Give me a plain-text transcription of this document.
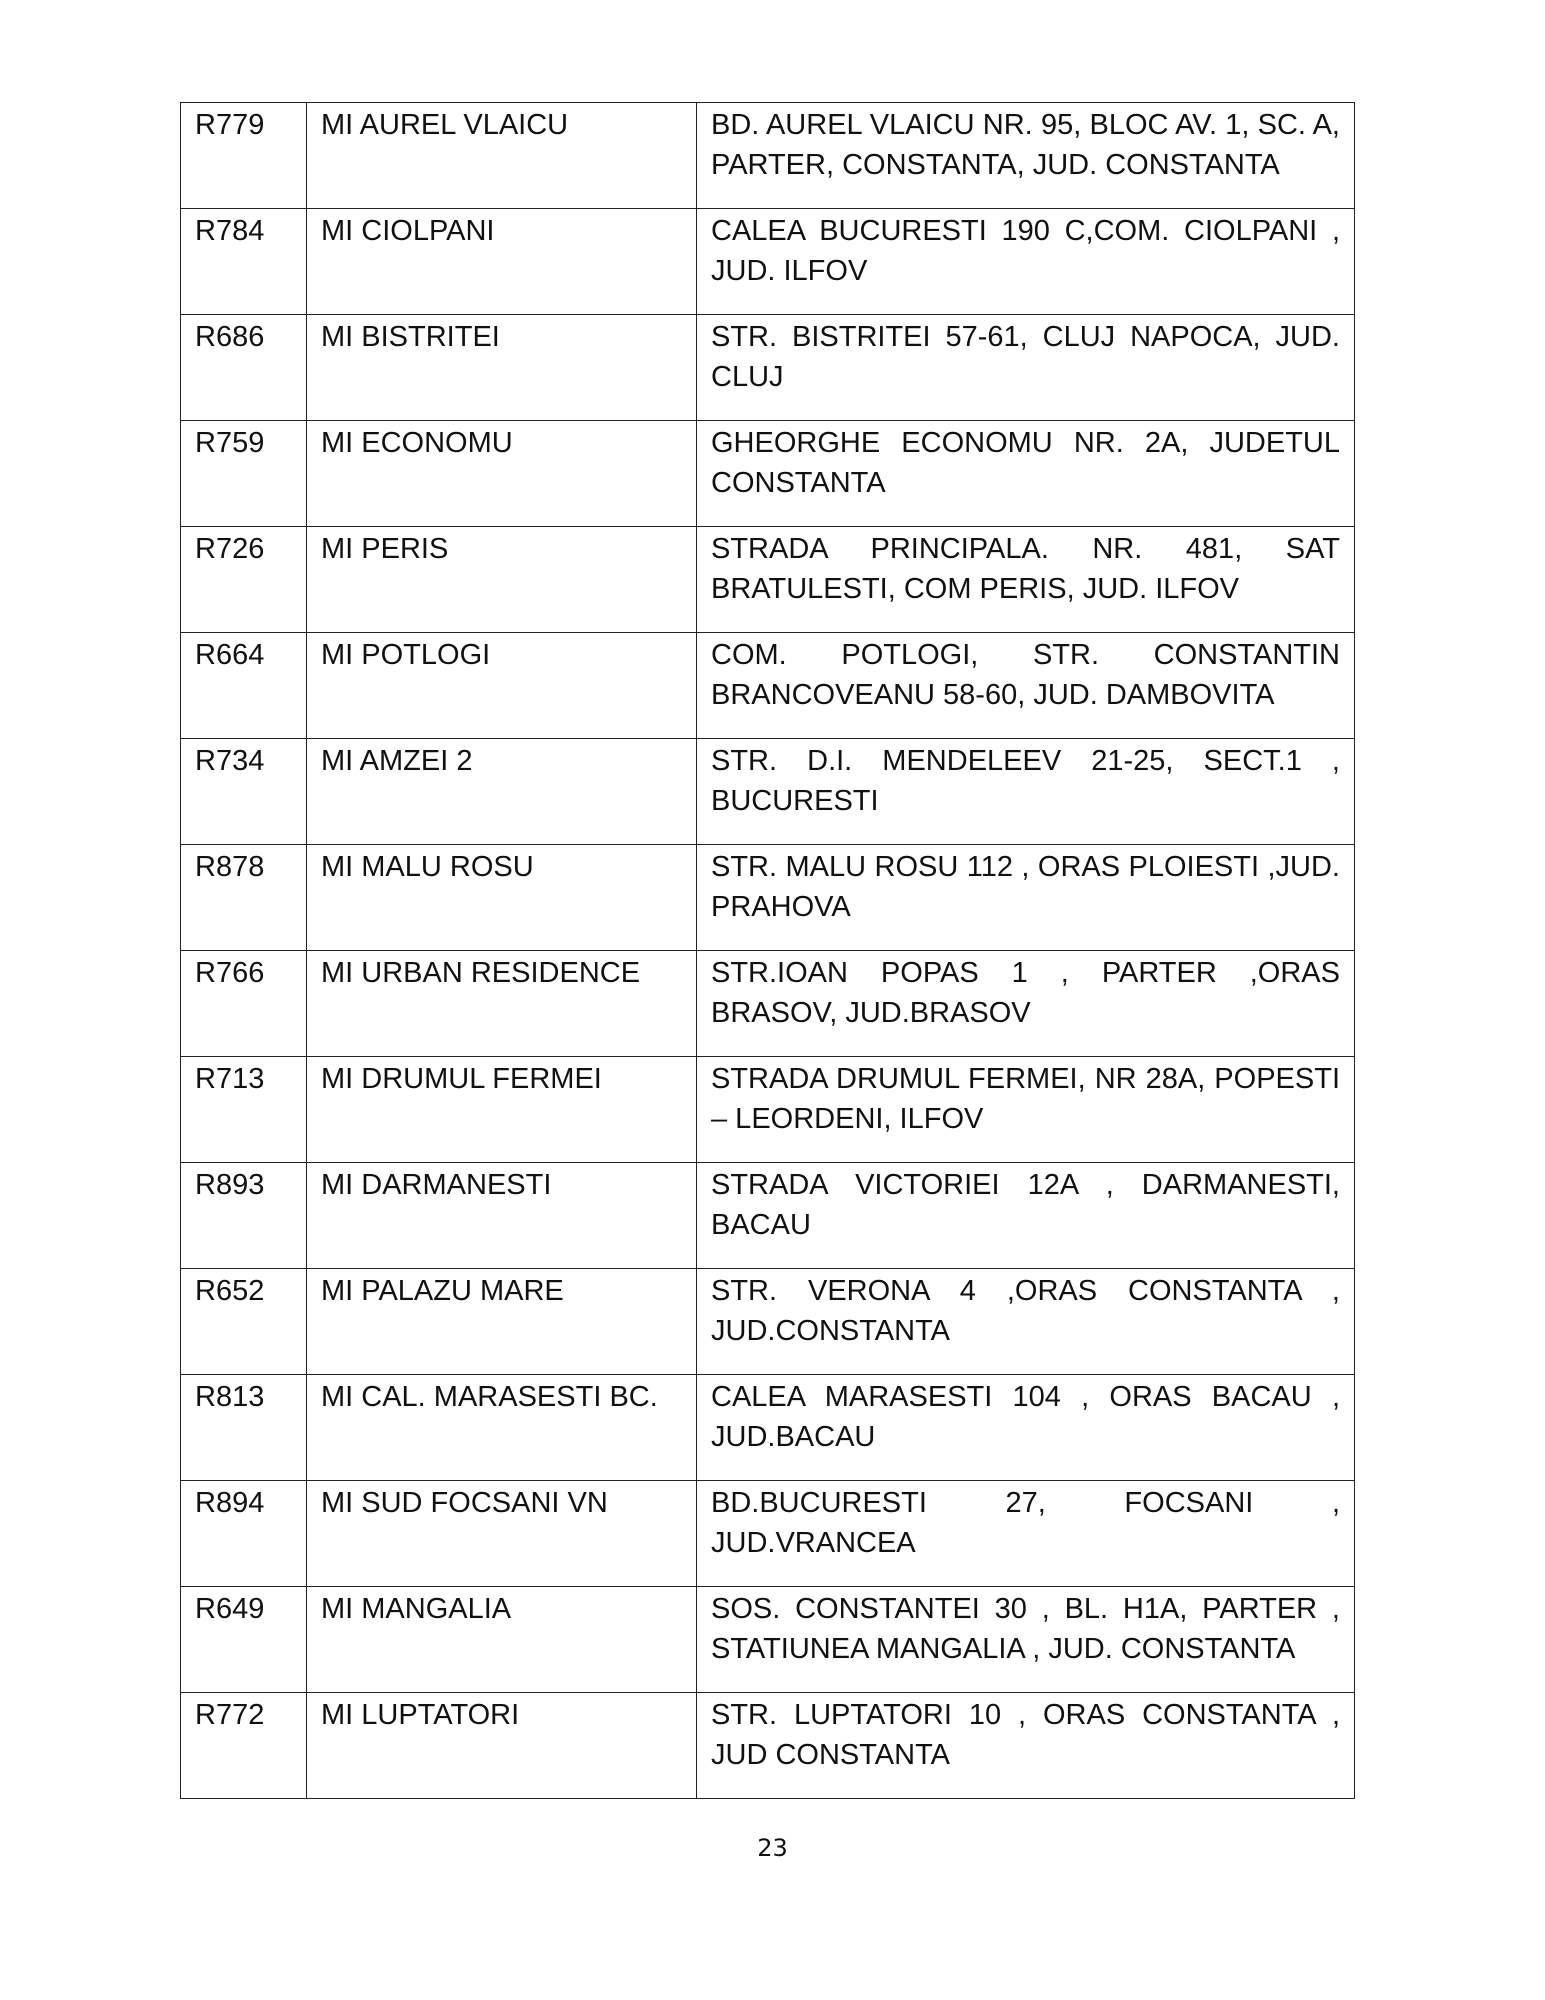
R779	MI AUREL VLAICU	BD. AUREL VLAICU NR. 95, BLOC AV. 1, SC. A, PARTER, CONSTANTA, JUD. CONSTANTA
R784	MI CIOLPANI	CALEA BUCURESTI 190 C,COM. CIOLPANI , JUD. ILFOV
R686	MI BISTRITEI	STR. BISTRITEI 57-61, CLUJ NAPOCA, JUD. CLUJ
R759	MI ECONOMU	GHEORGHE ECONOMU NR. 2A, JUDETUL CONSTANTA
R726	MI PERIS	STRADA PRINCIPALA. NR. 481, SAT BRATULESTI, COM PERIS, JUD. ILFOV
R664	MI POTLOGI	COM. POTLOGI, STR. CONSTANTIN BRANCOVEANU 58-60, JUD. DAMBOVITA
R734	MI AMZEI 2	STR. D.I. MENDELEEV 21-25, SECT.1 , BUCURESTI
R878	MI MALU ROSU	STR. MALU ROSU 112 , ORAS PLOIESTI ,JUD. PRAHOVA
R766	MI URBAN RESIDENCE	STR.IOAN POPAS 1 , PARTER ,ORAS BRASOV, JUD.BRASOV
R713	MI DRUMUL FERMEI	STRADA DRUMUL FERMEI, NR 28A, POPESTI – LEORDENI, ILFOV
R893	MI DARMANESTI	STRADA VICTORIEI 12A , DARMANESTI, BACAU
R652	MI PALAZU MARE	STR. VERONA 4 ,ORAS CONSTANTA , JUD.CONSTANTA
R813	MI CAL. MARASESTI BC.	CALEA MARASESTI 104 , ORAS BACAU , JUD.BACAU
R894	MI SUD FOCSANI VN	BD.BUCURESTI 27, FOCSANI , JUD.VRANCEA
R649	MI MANGALIA	SOS. CONSTANTEI 30 , BL. H1A, PARTER , STATIUNEA MANGALIA , JUD. CONSTANTA
R772	MI LUPTATORI	STR. LUPTATORI 10 , ORAS CONSTANTA , JUD CONSTANTA
23
